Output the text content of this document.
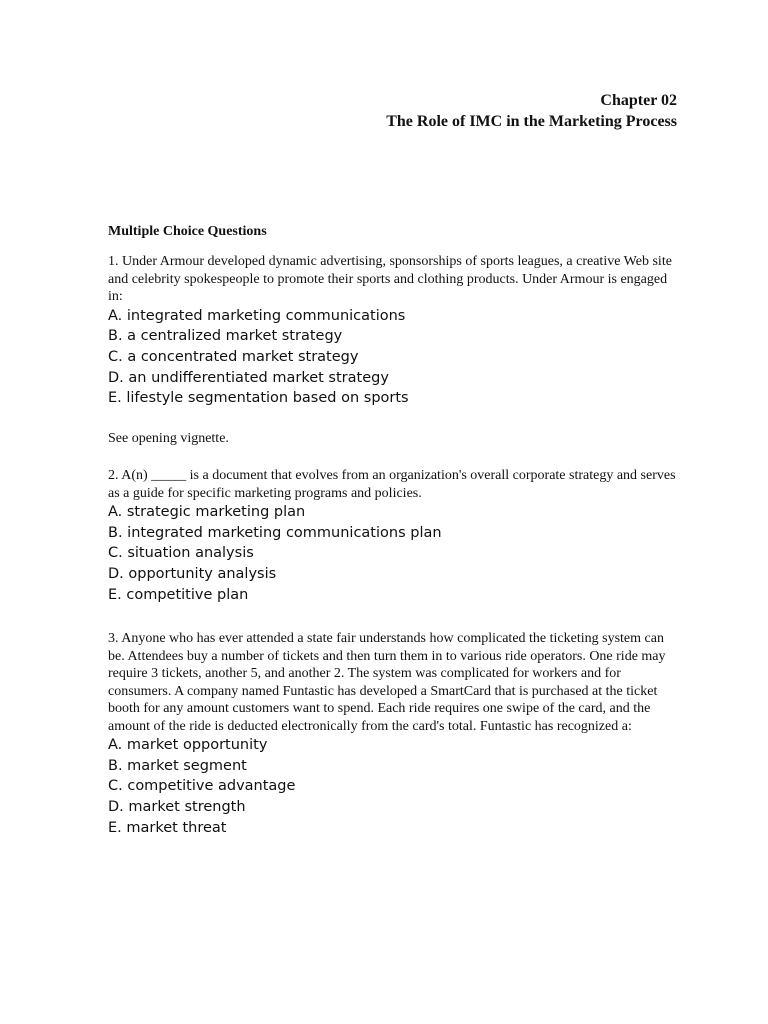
Chapter 02
The Role of IMC in the Marketing Process
Multiple Choice Questions

1. Under Armour developed dynamic advertising, sponsorships of sports leagues, a creative Web site and celebrity spokespeople to promote their sports and clothing products. Under Armour is engaged in:

A. integrated marketing communications
B. a centralized market strategy
C. a concentrated market strategy
D. an undifferentiated market strategy
E. lifestyle segmentation based on sports

See opening vignette.

2. A(n) _____ is a document that evolves from an organization's overall corporate strategy and serves as a guide for specific marketing programs and policies.

A. strategic marketing plan
B. integrated marketing communications plan
C. situation analysis
D. opportunity analysis
E. competitive plan

3. Anyone who has ever attended a state fair understands how complicated the ticketing system can be. Attendees buy a number of tickets and then turn them in to various ride operators. One ride may require 3 tickets, another 5, and another 2. The system was complicated for workers and for consumers. A company named Funtastic has developed a SmartCard that is purchased at the ticket booth for any amount customers want to spend. Each ride requires one swipe of the card, and the amount of the ride is deducted electronically from the card's total. Funtastic has recognized a:

A. market opportunity
B. market segment
C. competitive advantage
D. market strength
E. market threat
